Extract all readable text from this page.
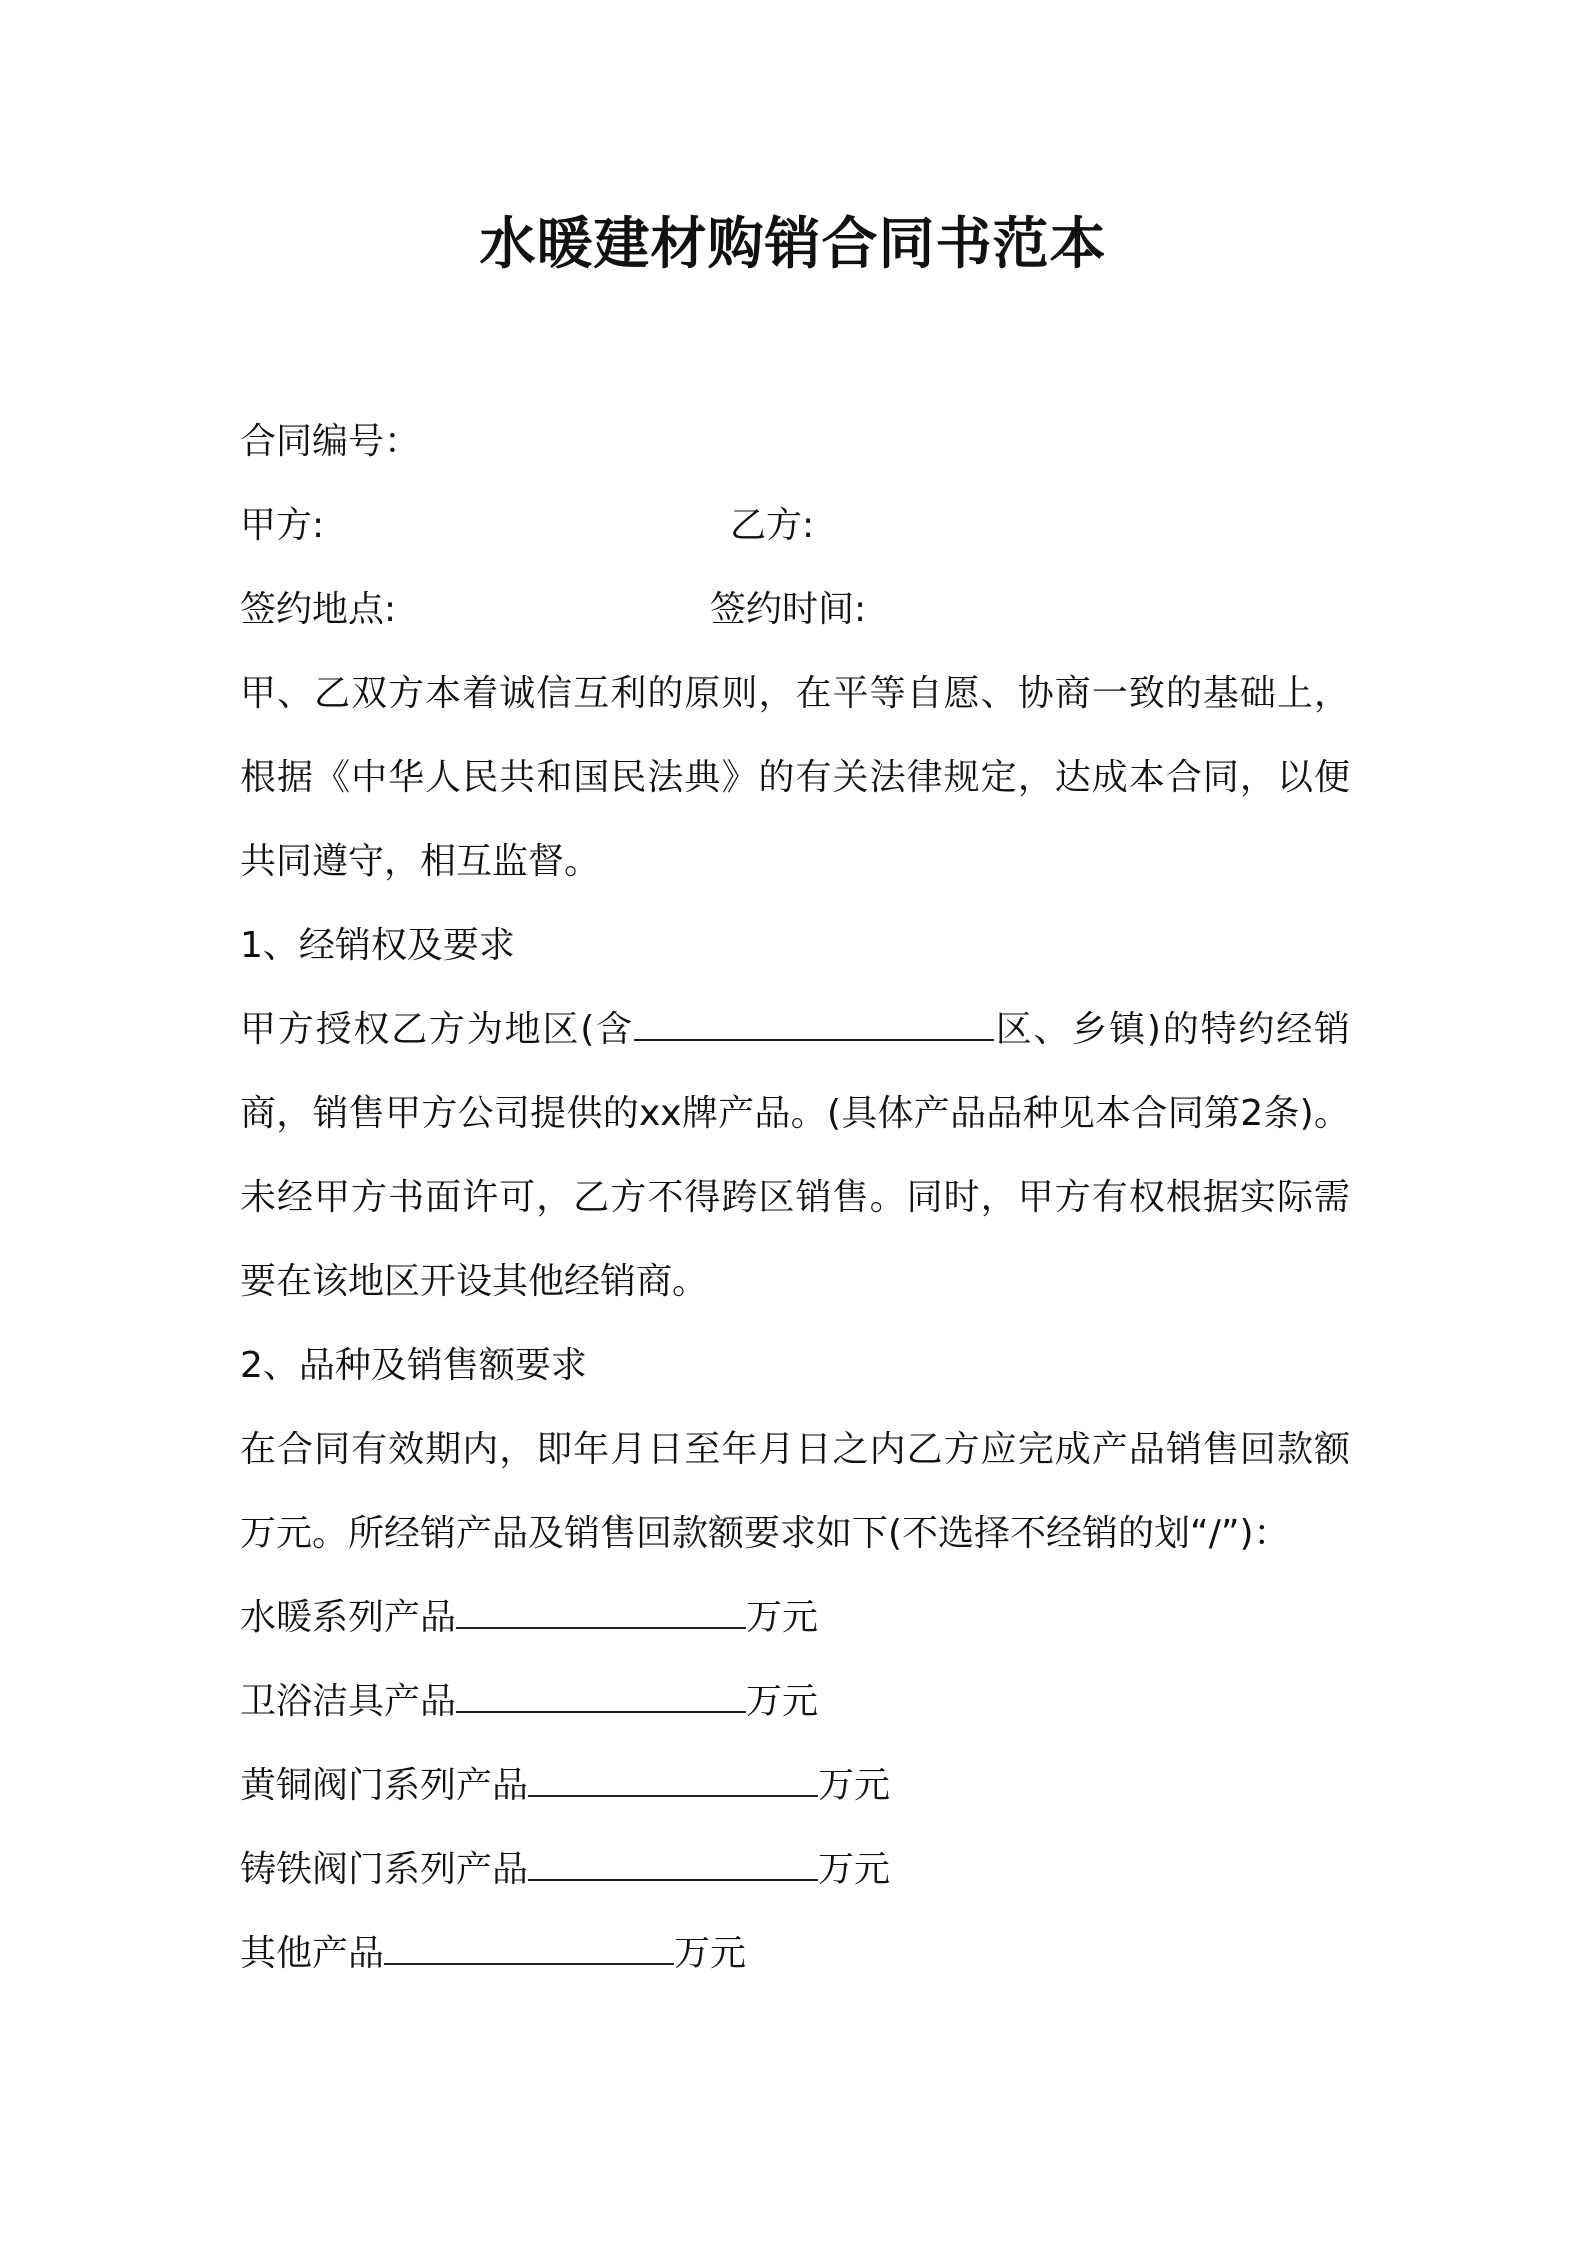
水暖建材购销合同书范本
合同编号：
甲方:	乙方:
签约地点:	签约时间:
甲、乙双方本着诚信互利的原则，在平等自愿、协商一致的基础上，根据《中华人民共和国民法典》的有关法律规定，达成本合同，以便共同遵守，相互监督。
1、经销权及要求
甲方授权乙方为地区(含	区、乡镇)的特约经销商，销售甲方公司提供的xx牌产品。(具体产品品种见本合同第2条)。未经甲方书面许可，乙方不得跨区销售。同时，甲方有权根据实际需要在该地区开设其他经销商。
2、品种及销售额要求
在合同有效期内，即年月日至年月日之内乙方应完成产品销售回款额万元。所经销产品及销售回款额要求如下(不选择不经销的划“/”)：
水暖系列产品	万元
卫浴洁具产品	万元
黄铜阀门系列产品	万元
铸铁阀门系列产品	万元
其他产品	万元
